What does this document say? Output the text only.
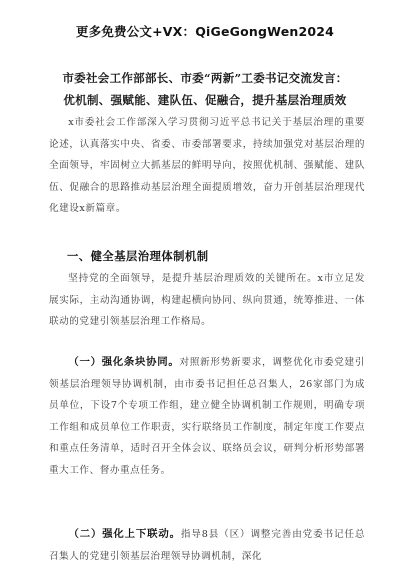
更多免费公文+VX：QiGeGongWen2024
市委社会工作部部长、市委“两新”工委书记交流发言：
优机制、强赋能、建队伍、促融合，提升基层治理质效

x市委社会工作部深入学习贯彻习近平总书记关于基层治理的重要论述，认真落实中央、省委、市委部署要求，持续加强党对基层治理的全面领导，牢固树立大抓基层的鲜明导向，按照优机制、强赋能、建队伍、促融合的思路推动基层治理全面提质增效，奋力开创基层治理现代化建设x新篇章。

一、健全基层治理体制机制

坚持党的全面领导，是提升基层治理质效的关键所在。x市立足发展实际，主动沟通协调，构建起横向协同、纵向贯通，统筹推进、一体联动的党建引领基层治理工作格局。

（一）强化条块协同。对照新形势新要求，调整优化市委党建引领基层治理领导协调机制，由市委书记担任总召集人，26家部门为成员单位，下设7个专项工作组，建立健全协调机制工作规则，明确专项工作组和成员单位工作职责，实行联络员工作制度，制定年度工作要点和重点任务清单，适时召开全体会议、联络员会议，研判分析形势部署重大工作、督办重点任务。

（二）强化上下联动。指导8县（区）调整完善由党委书记任总召集人的党建引领基层治理领导协调机制，深化
